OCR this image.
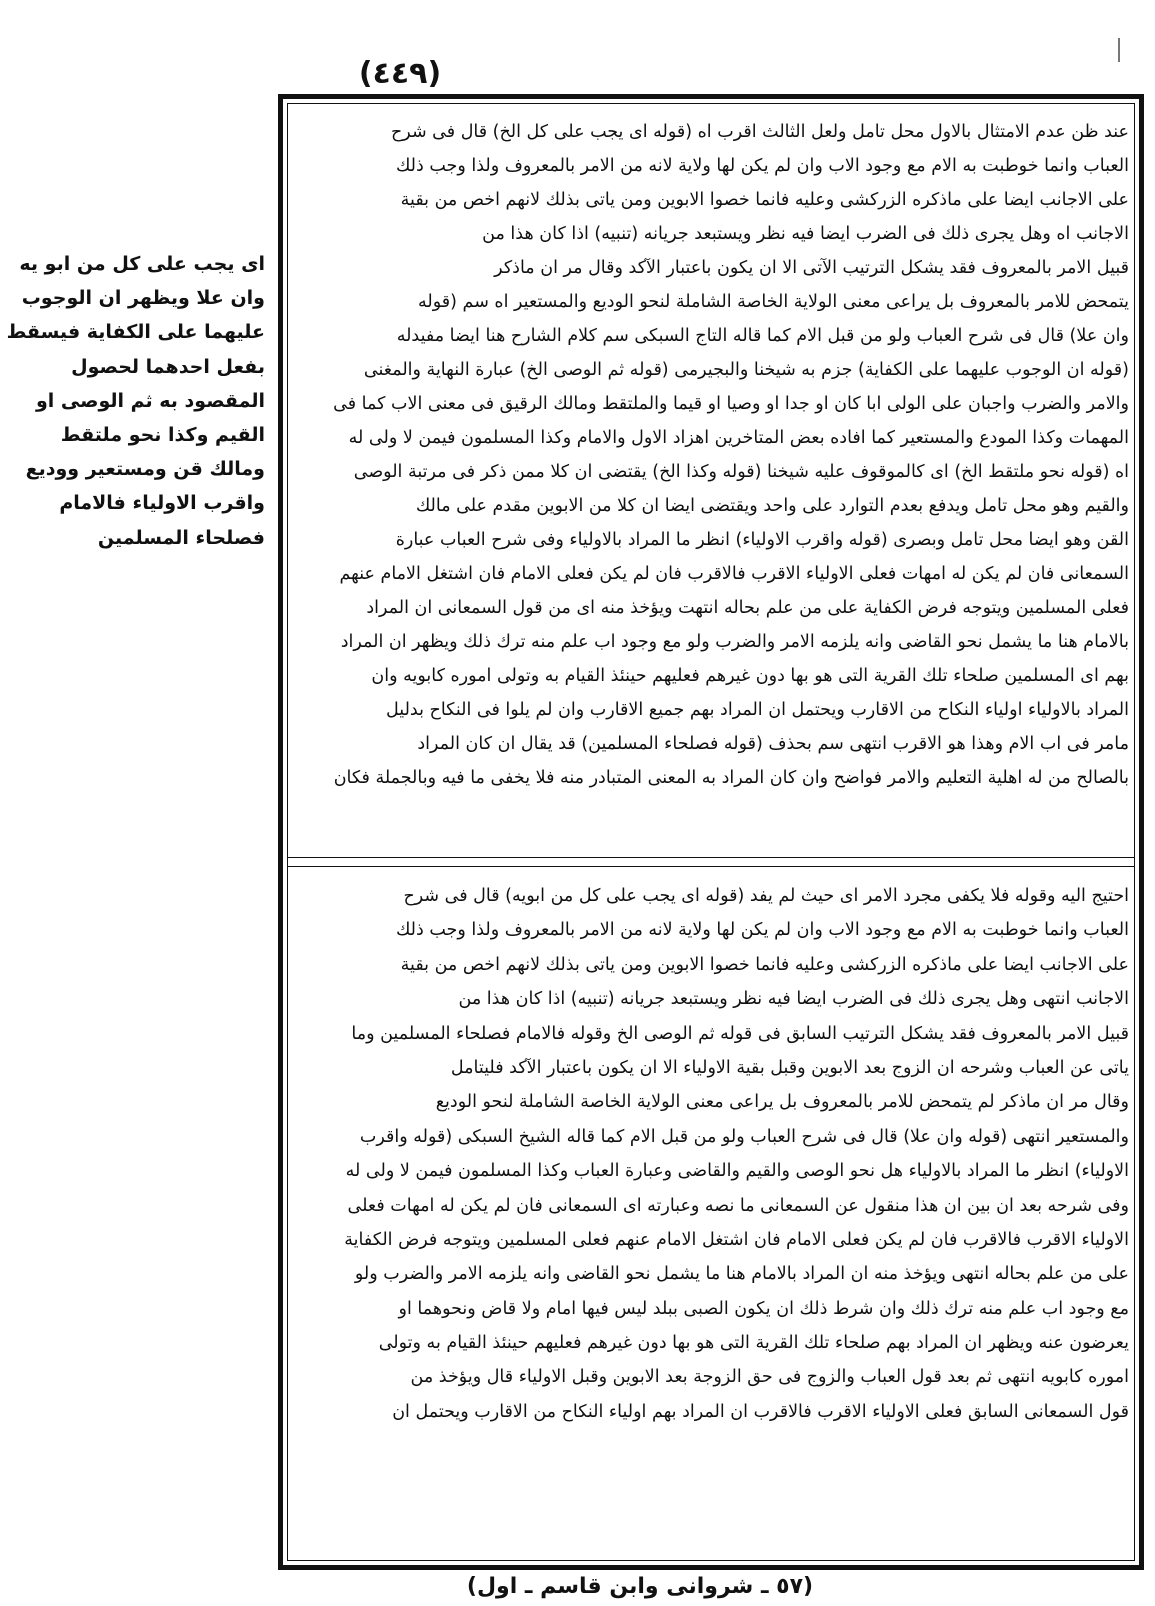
(٤٤٩)
اى يجب على كل من ابو يه
وان علا ويظهر ان الوجوب
عليهما على الكفاية فيسقط
بفعل احدهما لحصول
المقصود به ثم الوصى او
القيم وكذا نحو ملتقط
ومالك قن ومستعير ووديع
واقرب الاولياء فالامام
فصلحاء المسلمين
عند ظن عدم الامتثال بالاول محل تامل ولعل الثالث اقرب اه (قوله اى يجب على كل الخ) قال فى شرح
العباب وانما خوطبت به الام مع وجود الاب وان لم يكن لها ولاية لانه من الامر بالمعروف ولذا وجب ذلك
على الاجانب ايضا على ماذكره الزركشى وعليه فانما خصوا الابوين ومن ياتى بذلك لانهم اخص من بقية
الاجانب اه وهل يجرى ذلك فى الضرب ايضا فيه نظر ويستبعد جريانه (تنبيه) اذا كان هذا من
قبيل الامر بالمعروف فقد يشكل الترتيب الآتى الا ان يكون باعتبار الآكد وقال مر ان ماذكر
يتمحض للامر بالمعروف بل يراعى معنى الولاية الخاصة الشاملة لنحو الوديع والمستعير اه سم (قوله
وان علا) قال فى شرح العباب ولو من قبل الام كما قاله التاج السبكى سم كلام الشارح هنا ايضا مفيدله
(قوله ان الوجوب عليهما على الكفاية) جزم به شيخنا والبجيرمى (قوله ثم الوصى الخ) عبارة النهاية والمغنى
والامر والضرب واجبان على الولى ابا كان او جدا او وصيا او قيما والملتقط ومالك الرقيق فى معنى الاب كما فى
المهمات وكذا المودع والمستعير كما افاده بعض المتاخرين اهزاد الاول والامام وكذا المسلمون فيمن لا ولى له
اه (قوله نحو ملتقط الخ) اى كالموقوف عليه شيخنا (قوله وكذا الخ) يقتضى ان كلا ممن ذكر فى مرتبة الوصى
والقيم وهو محل تامل ويدفع بعدم التوارد على واحد ويقتضى ايضا ان كلا من الابوين مقدم على مالك
القن وهو ايضا محل تامل وبصرى (قوله واقرب الاولياء) انظر ما المراد بالاولياء وفى شرح العباب عبارة
السمعانى فان لم يكن له امهات فعلى الاولياء الاقرب فالاقرب فان لم يكن فعلى الامام فان اشتغل الامام عنهم
فعلى المسلمين ويتوجه فرض الكفاية على من علم بحاله انتهت ويؤخذ منه اى من قول السمعانى ان المراد
بالامام هنا ما يشمل نحو القاضى وانه يلزمه الامر والضرب ولو مع وجود اب علم منه ترك ذلك ويظهر ان المراد
بهم اى المسلمين صلحاء تلك القرية التى هو بها دون غيرهم فعليهم حينئذ القيام به وتولى اموره كابويه وان
المراد بالاولياء اولياء النكاح من الاقارب ويحتمل ان المراد بهم جميع الاقارب وان لم يلوا فى النكاح بدليل
مامر فى اب الام وهذا هو الاقرب انتهى سم بحذف (قوله فصلحاء المسلمين) قد يقال ان كان المراد
بالصالح من له اهلية التعليم والامر فواضح وان كان المراد به المعنى المتبادر منه فلا يخفى ما فيه وبالجملة فكان
احتيج اليه وقوله فلا يكفى مجرد الامر اى حيث لم يفد (قوله اى يجب على كل من ابويه) قال فى شرح
العباب وانما خوطبت به الام مع وجود الاب وان لم يكن لها ولاية لانه من الامر بالمعروف ولذا وجب ذلك
على الاجانب ايضا على ماذكره الزركشى وعليه فانما خصوا الابوين ومن ياتى بذلك لانهم اخص من بقية
الاجانب انتهى وهل يجرى ذلك فى الضرب ايضا فيه نظر ويستبعد جريانه (تنبيه) اذا كان هذا من
قبيل الامر بالمعروف فقد يشكل الترتيب السابق فى قوله ثم الوصى الخ وقوله فالامام فصلحاء المسلمين وما
ياتى عن العباب وشرحه ان الزوج بعد الابوين وقبل بقية الاولياء الا ان يكون باعتبار الآكد فليتامل
وقال مر ان ماذكر لم يتمحض للامر بالمعروف بل يراعى معنى الولاية الخاصة الشاملة لنحو الوديع
والمستعير انتهى (قوله وان علا) قال فى شرح العباب ولو من قبل الام كما قاله الشيخ السبكى (قوله واقرب
الاولياء) انظر ما المراد بالاولياء هل نحو الوصى والقيم والقاضى وعبارة العباب وكذا المسلمون فيمن لا ولى له
وفى شرحه بعد ان بين ان هذا منقول عن السمعانى ما نصه وعبارته اى السمعانى فان لم يكن له امهات فعلى
الاولياء الاقرب فالاقرب فان لم يكن فعلى الامام فان اشتغل الامام عنهم فعلى المسلمين ويتوجه فرض الكفاية
على من علم بحاله انتهى ويؤخذ منه ان المراد بالامام هنا ما يشمل نحو القاضى وانه يلزمه الامر والضرب ولو
مع وجود اب علم منه ترك ذلك وان شرط ذلك ان يكون الصبى ببلد ليس فيها امام ولا قاض ونحوهما او
يعرضون عنه ويظهر ان المراد بهم صلحاء تلك القرية التى هو بها دون غيرهم فعليهم حينئذ القيام به وتولى
اموره كابويه انتهى ثم بعد قول العباب والزوج فى حق الزوجة بعد الابوين وقبل الاولياء قال ويؤخذ من
قول السمعانى السابق فعلى الاولياء الاقرب فالاقرب ان المراد بهم اولياء النكاح من الاقارب ويحتمل ان
(٥٧ ـ شروانى وابن قاسم ـ اول)
